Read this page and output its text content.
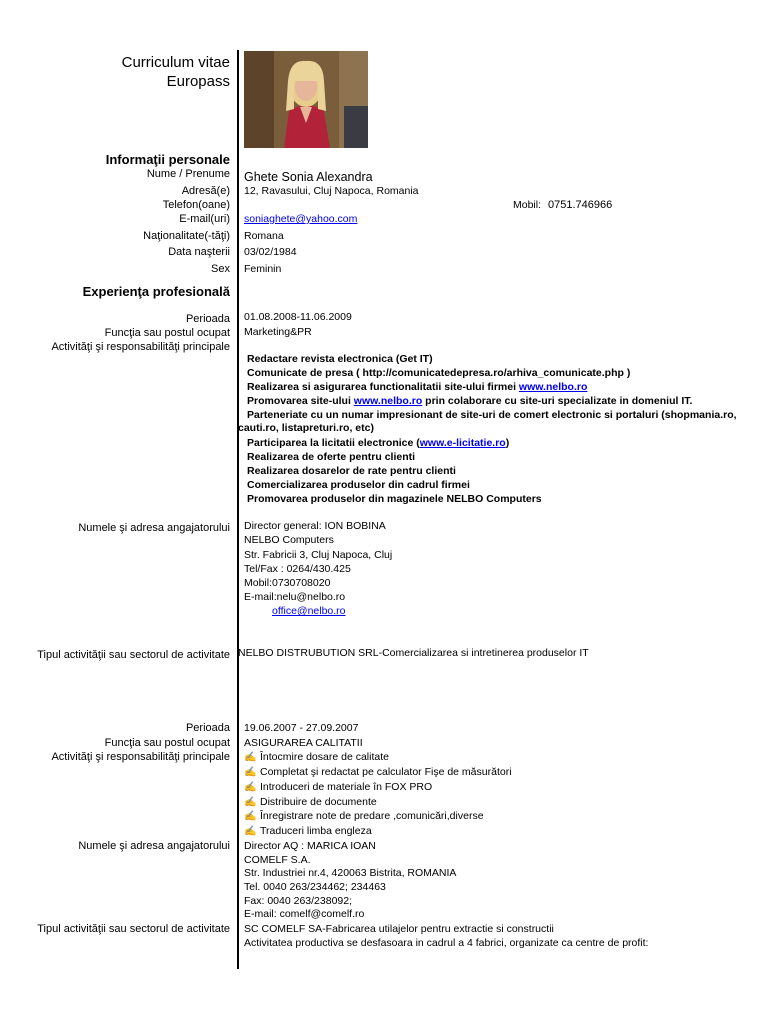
Curriculum vitae
Europass
Informaţii personale
Nume / Prenume Ghete Sonia Alexandra
Adresă(e) 12, Ravasului, Cluj Napoca, Romania
Telefon(oane)	Mobil: 0751.746966
E-mail(uri) soniaghete@yahoo.com
Naţionalitate(-tăţi) Romana
Data naşterii 03/02/1984
Sex Feminin
Experienţa profesională
Perioada 01.08.2008-11.06.2009
Funcţia sau postul ocupat Marketing&PR
Activităţi şi responsabilităţi principale
Redactare revista electronica (Get IT)
Comunicate de presa ( http://comunicatedepresa.ro/arhiva_comunicate.php )
Realizarea si asigurarea functionalitatii site-ului firmei www.nelbo.ro
Promovarea site-ului www.nelbo.ro prin colaborare cu site-uri specializate in domeniul IT.
Parteneriate cu un numar impresionant de site-uri de comert electronic si portaluri (shopmania.ro,
cauti.ro, listapreturi.ro, etc)
Participarea la licitatii electronice (www.e-licitatie.ro)
Realizarea de oferte pentru clienti
Realizarea dosarelor de rate pentru clienti
Comercializarea produselor din cadrul firmei
Promovarea produselor din magazinele NELBO Computers
Numele şi adresa angajatorului Director general: ION BOBINA
NELBO Computers
Str. Fabricii 3, Cluj Napoca, Cluj
Tel/Fax : 0264/430.425
Mobil:0730708020
E-mail:nelu@nelbo.ro
office@nelbo.ro
Tipul activităţii sau sectorul de activitate NELBO DISTRUBUTION SRL-Comercializarea si intretinerea produselor IT
Perioada 19.06.2007 - 27.09.2007
Funcţia sau postul ocupat ASIGURAREA CALITATII
Activităţi şi responsabilităţi principale ✍ Întocmire dosare de calitate
✍ Completat şi redactat pe calculator Fişe de măsurători
✍ Introduceri de materiale în FOX PRO
✍ Distribuire de documente
✍ Înregistrare note de predare ,comunicări,diverse
✍ Traduceri limba engleza
Numele şi adresa angajatorului Director AQ : MARICA IOAN
COMELF S.A.
Str. Industriei nr.4, 420063 Bistrita, ROMANIA
Tel. 0040 263/234462; 234463
Fax: 0040 263/238092;
E-mail: comelf@comelf.ro
Tipul activităţii sau sectorul de activitate SC COMELF SA-Fabricarea utilajelor pentru extractie si constructii
Activitatea productiva se desfasoara in cadrul a 4 fabrici, organizate ca centre de profit:
